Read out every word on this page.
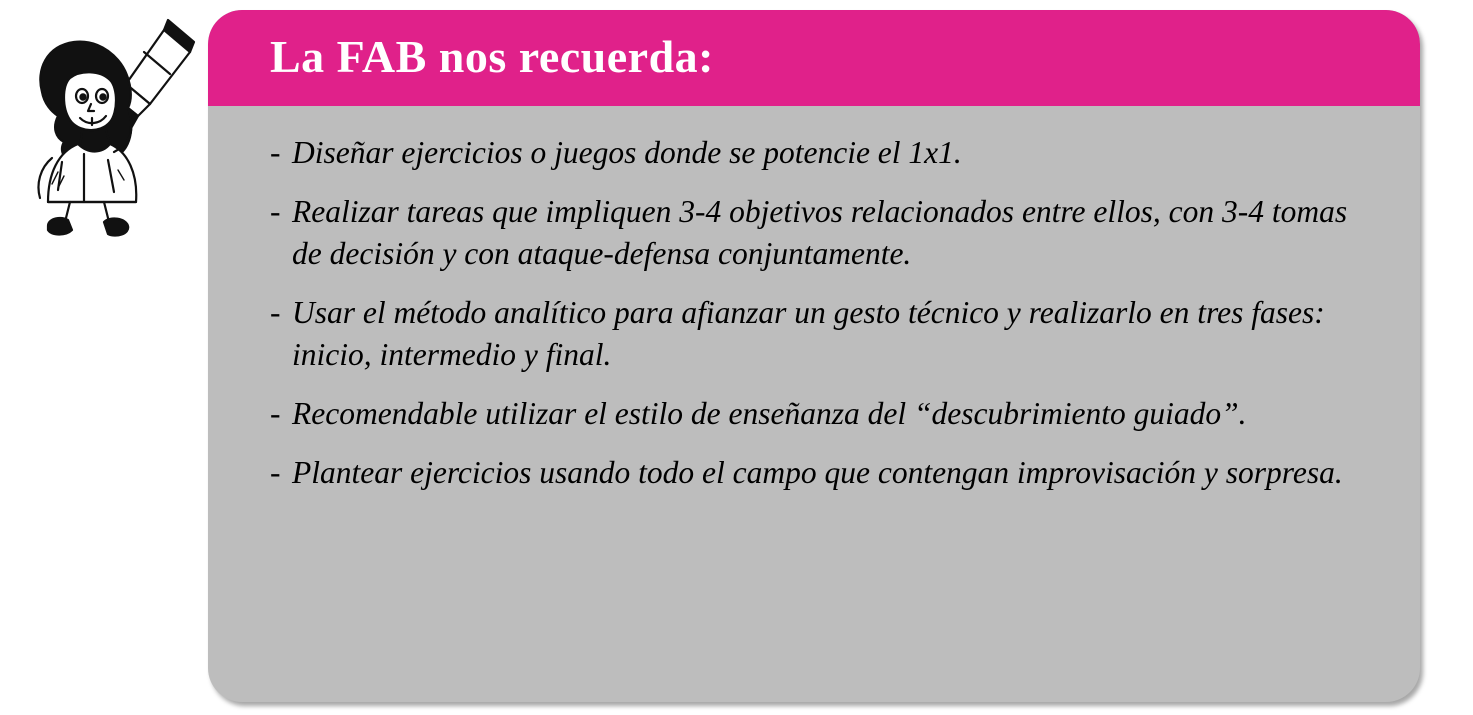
La FAB nos recuerda:
- Diseñar ejercicios o juegos donde se potencie el 1x1.
- Realizar tareas que impliquen 3-4 objetivos relacionados entre ellos, con 3-4 tomas de decisión y con ataque-defensa conjuntamente.
- Usar el método analítico para afianzar un gesto técnico y realizarlo en tres fases: inicio, intermedio y final.
- Recomendable utilizar el estilo de enseñanza del “descubrimiento guiado”.
- Plantear ejercicios usando todo el campo que contengan improvisación y sorpresa.
